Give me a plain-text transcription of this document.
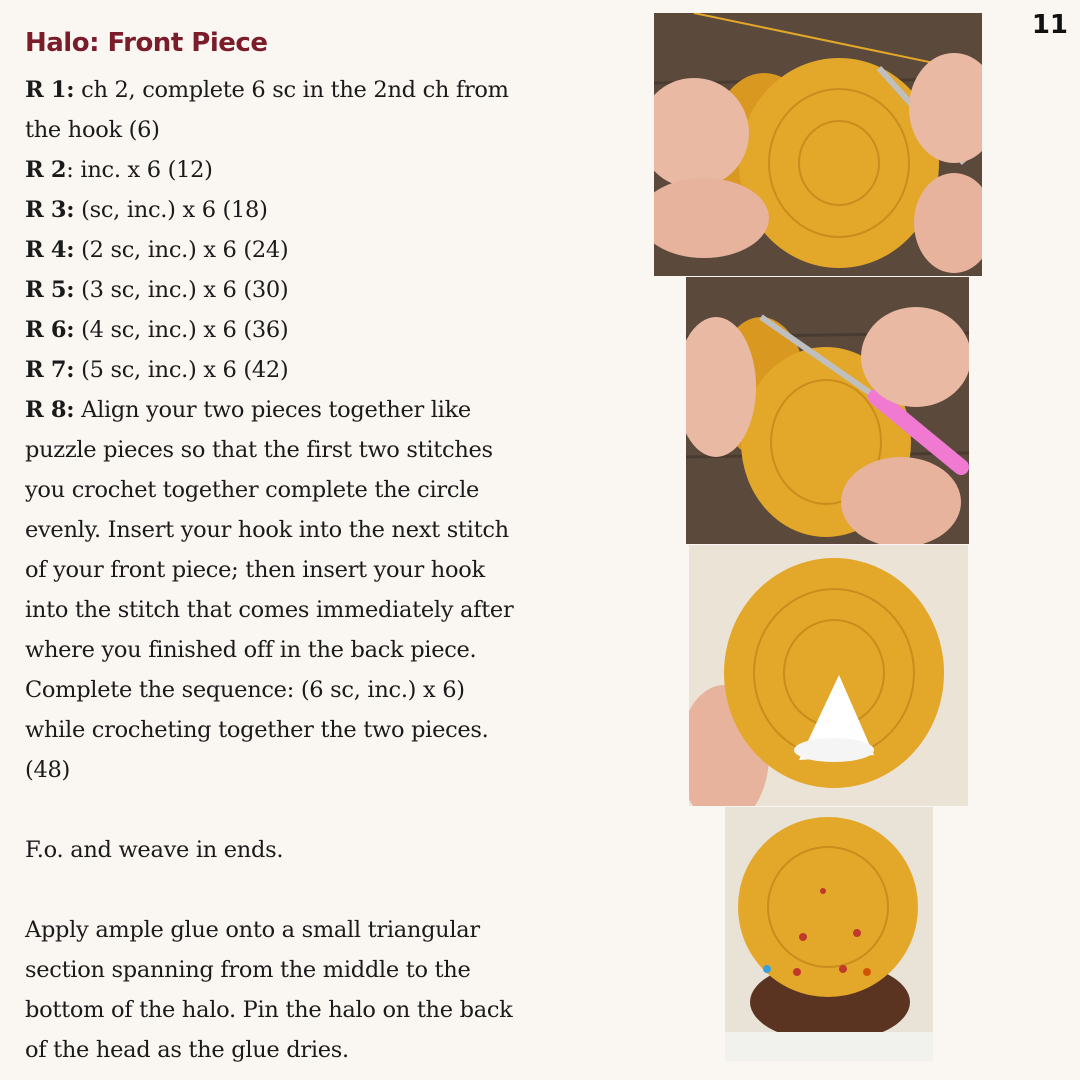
11
Halo: Front Piece
R 1: ch 2, complete 6 sc in the 2nd ch from
the hook (6)
R 2: inc. x 6 (12)
R 3: (sc, inc.) x 6 (18)
R 4: (2 sc, inc.) x 6 (24)
R 5: (3 sc, inc.) x 6 (30)
R 6: (4 sc, inc.) x 6 (36)
R 7: (5 sc, inc.) x 6 (42)
R 8: Align your two pieces together like
puzzle pieces so that the first two stitches
you crochet together complete the circle
evenly. Insert your hook into the next stitch
of your front piece; then insert your hook
into the stitch that comes immediately after
where you finished off in the back piece.
Complete the sequence: (6 sc, inc.) x 6)
while crocheting together the two pieces.
(48)
F.o. and weave in ends.
Apply ample glue onto a small triangular
section spanning from the middle to the
bottom of the halo. Pin the halo on the back
of the head as the glue dries.
